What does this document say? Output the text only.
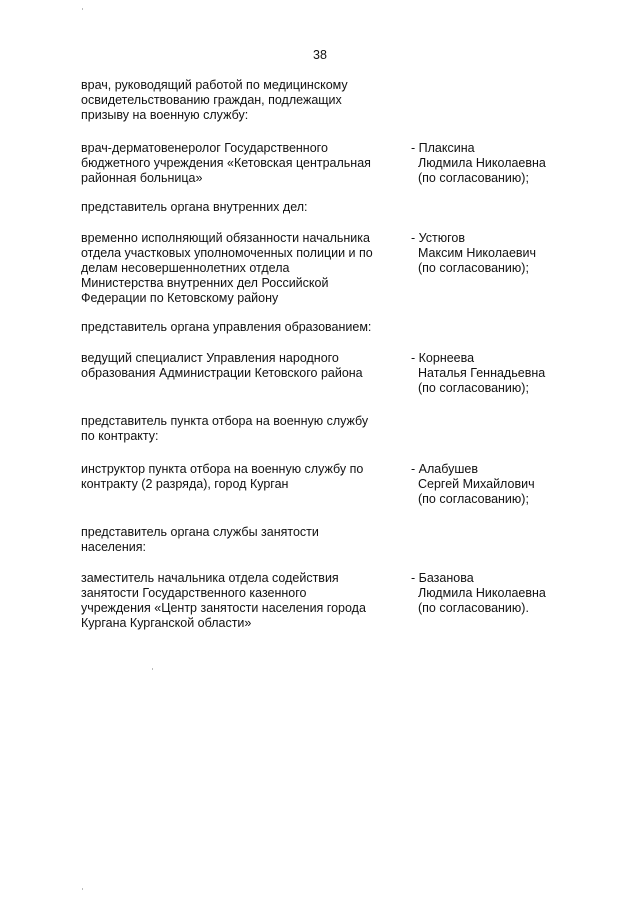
38
врач, руководящий работой по медицинскому
освидетельствованию граждан, подлежащих
призыву на военную службу:
врач-дерматовенеролог Государственного
бюджетного учреждения «Кетовская центральная
районная больница»
- Плаксина
Людмила Николаевна
(по согласованию);
представитель органа внутренних дел:
временно исполняющий обязанности начальника
отдела участковых уполномоченных полиции и по
делам несовершеннолетних отдела
Министерства внутренних дел Российской
Федерации по Кетовскому району
- Устюгов
Максим Николаевич
(по согласованию);
представитель органа управления образованием:
ведущий специалист Управления народного
образования Администрации Кетовского района
- Корнеева
Наталья Геннадьевна
(по согласованию);
представитель пункта отбора на военную службу
по контракту:
инструктор пункта отбора на военную службу по
контракту (2 разряда), город Курган
- Алабушев
Сергей Михайлович
(по согласованию);
представитель органа службы занятости
населения:
заместитель начальника отдела содействия
занятости Государственного казенного
учреждения «Центр занятости населения города
Кургана Курганской области»
- Базанова
Людмила Николаевна
(по согласованию).
